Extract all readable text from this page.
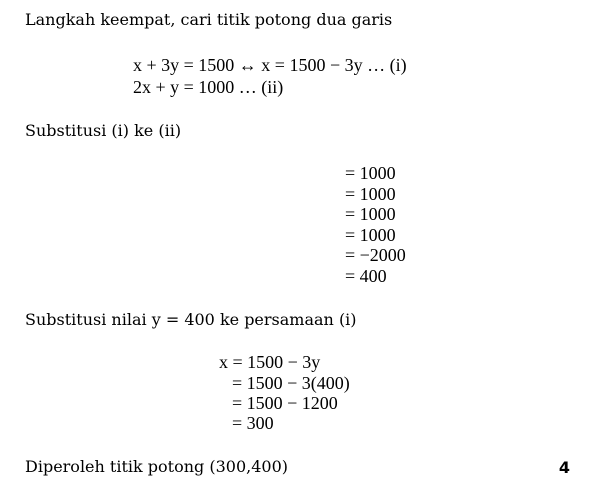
Langkah keempat, cari titik potong dua garis
x + 3y = 1500 ↔ x = 1500 − 3y … (i)
2x + y = 1000 … (ii)
Substitusi (i) ke (ii)
= 1000
= 1000
= 1000
= 1000
= −2000
= 400
Substitusi nilai y = 400 ke persamaan (i)
x = 1500 − 3y
= 1500 − 3(400)
= 1500 − 1200
= 300
Diperoleh titik potong (300,400)	4
